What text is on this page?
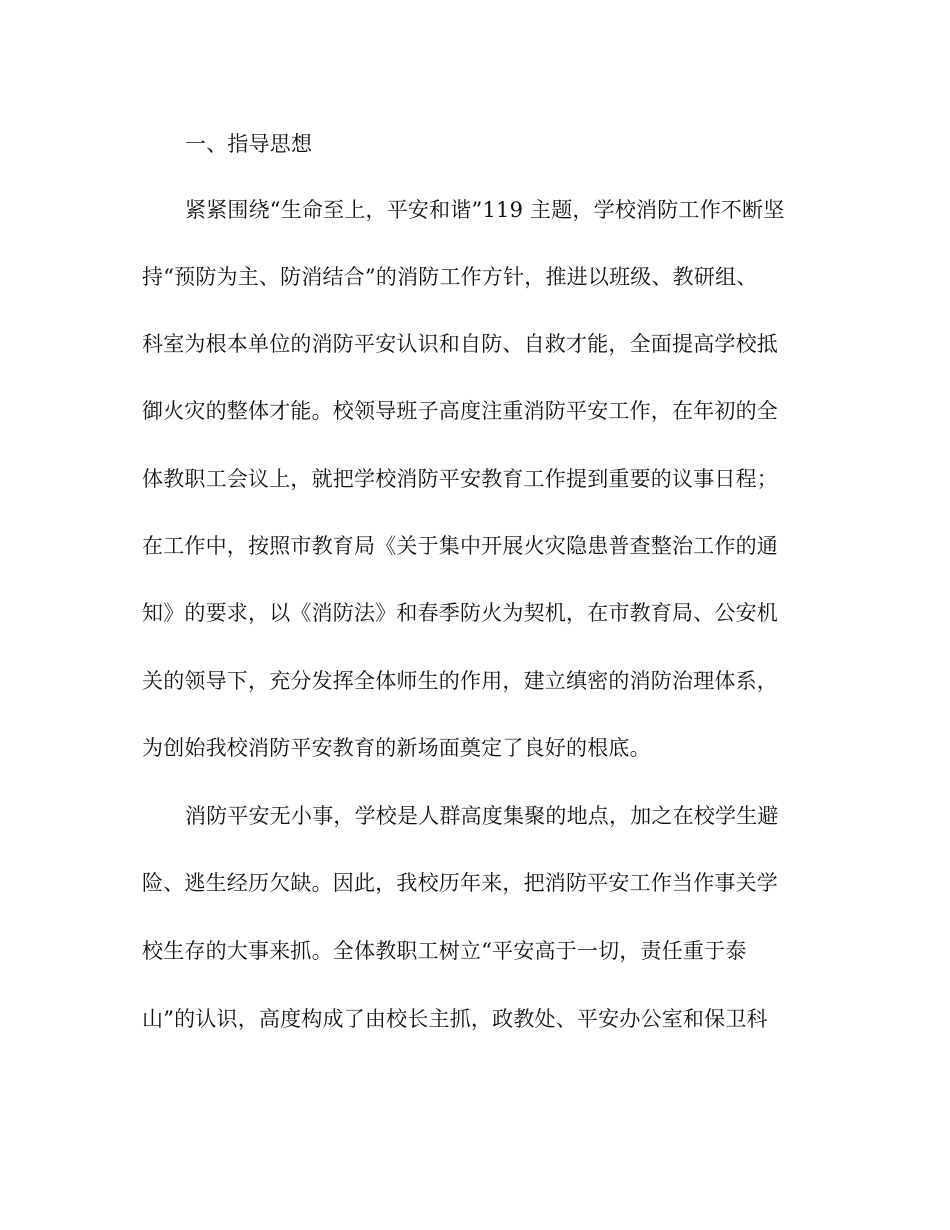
一、指导思想
紧紧围绕“生命至上，平安和谐”119 主题，学校消防工作不断坚
持“预防为主、防消结合”的消防工作方针，推进以班级、教研组、
科室为根本单位的消防平安认识和自防、自救才能，全面提高学校抵
御火灾的整体才能。校领导班子高度注重消防平安工作，在年初的全
体教职工会议上，就把学校消防平安教育工作提到重要的议事日程；
在工作中，按照市教育局《关于集中开展火灾隐患普查整治工作的通
知》的要求，以《消防法》和春季防火为契机，在市教育局、公安机
关的领导下，充分发挥全体师生的作用，建立缜密的消防治理体系，
为创始我校消防平安教育的新场面奠定了良好的根底。
消防平安无小事，学校是人群高度集聚的地点，加之在校学生避
险、逃生经历欠缺。因此，我校历年来，把消防平安工作当作事关学
校生存的大事来抓。全体教职工树立“平安高于一切，责任重于泰
山”的认识，高度构成了由校长主抓，政教处、平安办公室和保卫科
